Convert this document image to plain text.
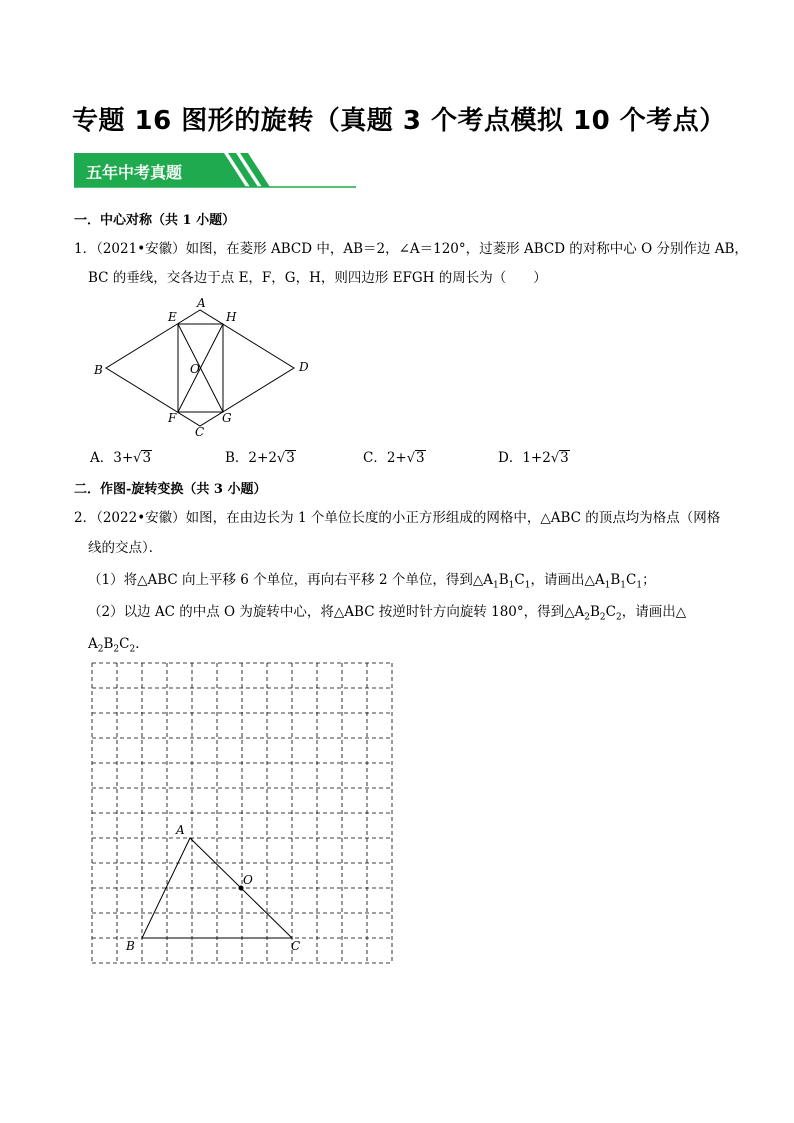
专题 16 图形的旋转（真题 3 个考点模拟 10 个考点）
五年中考真题
一．中心对称（共 1 小题）
1．（2021•安徽）如图，在菱形 ABCD 中，AB＝2，∠A＝120°，过菱形 ABCD 的对称中心 O 分别作边 AB，
BC 的垂线，交各边于点 E，F，G，H，则四边形 EFGH 的周长为（　　）
A
B
C
D
E
F	G
H
O
A．3+√3	B．2+2√3	C．2+√3	D．1+2√3
二．作图-旋转变换（共 3 小题）
2．（2022•安徽）如图，在由边长为 1 个单位长度的小正方形组成的网格中，△ABC 的顶点均为格点（网格
线的交点）．
（1）将△ABC 向上平移 6 个单位，再向右平移 2 个单位，得到$\triangle A_1B_1C_1$，请画出$\triangle A_1B_1C_1$；
（2）以边 AC 的中点 O 为旋转中心，将△ABC 按逆时针方向旋转 180°，得到$\triangle A_2B_2C_2$，请画出△
$A_2B_2C_2$．
A
B	C
O
